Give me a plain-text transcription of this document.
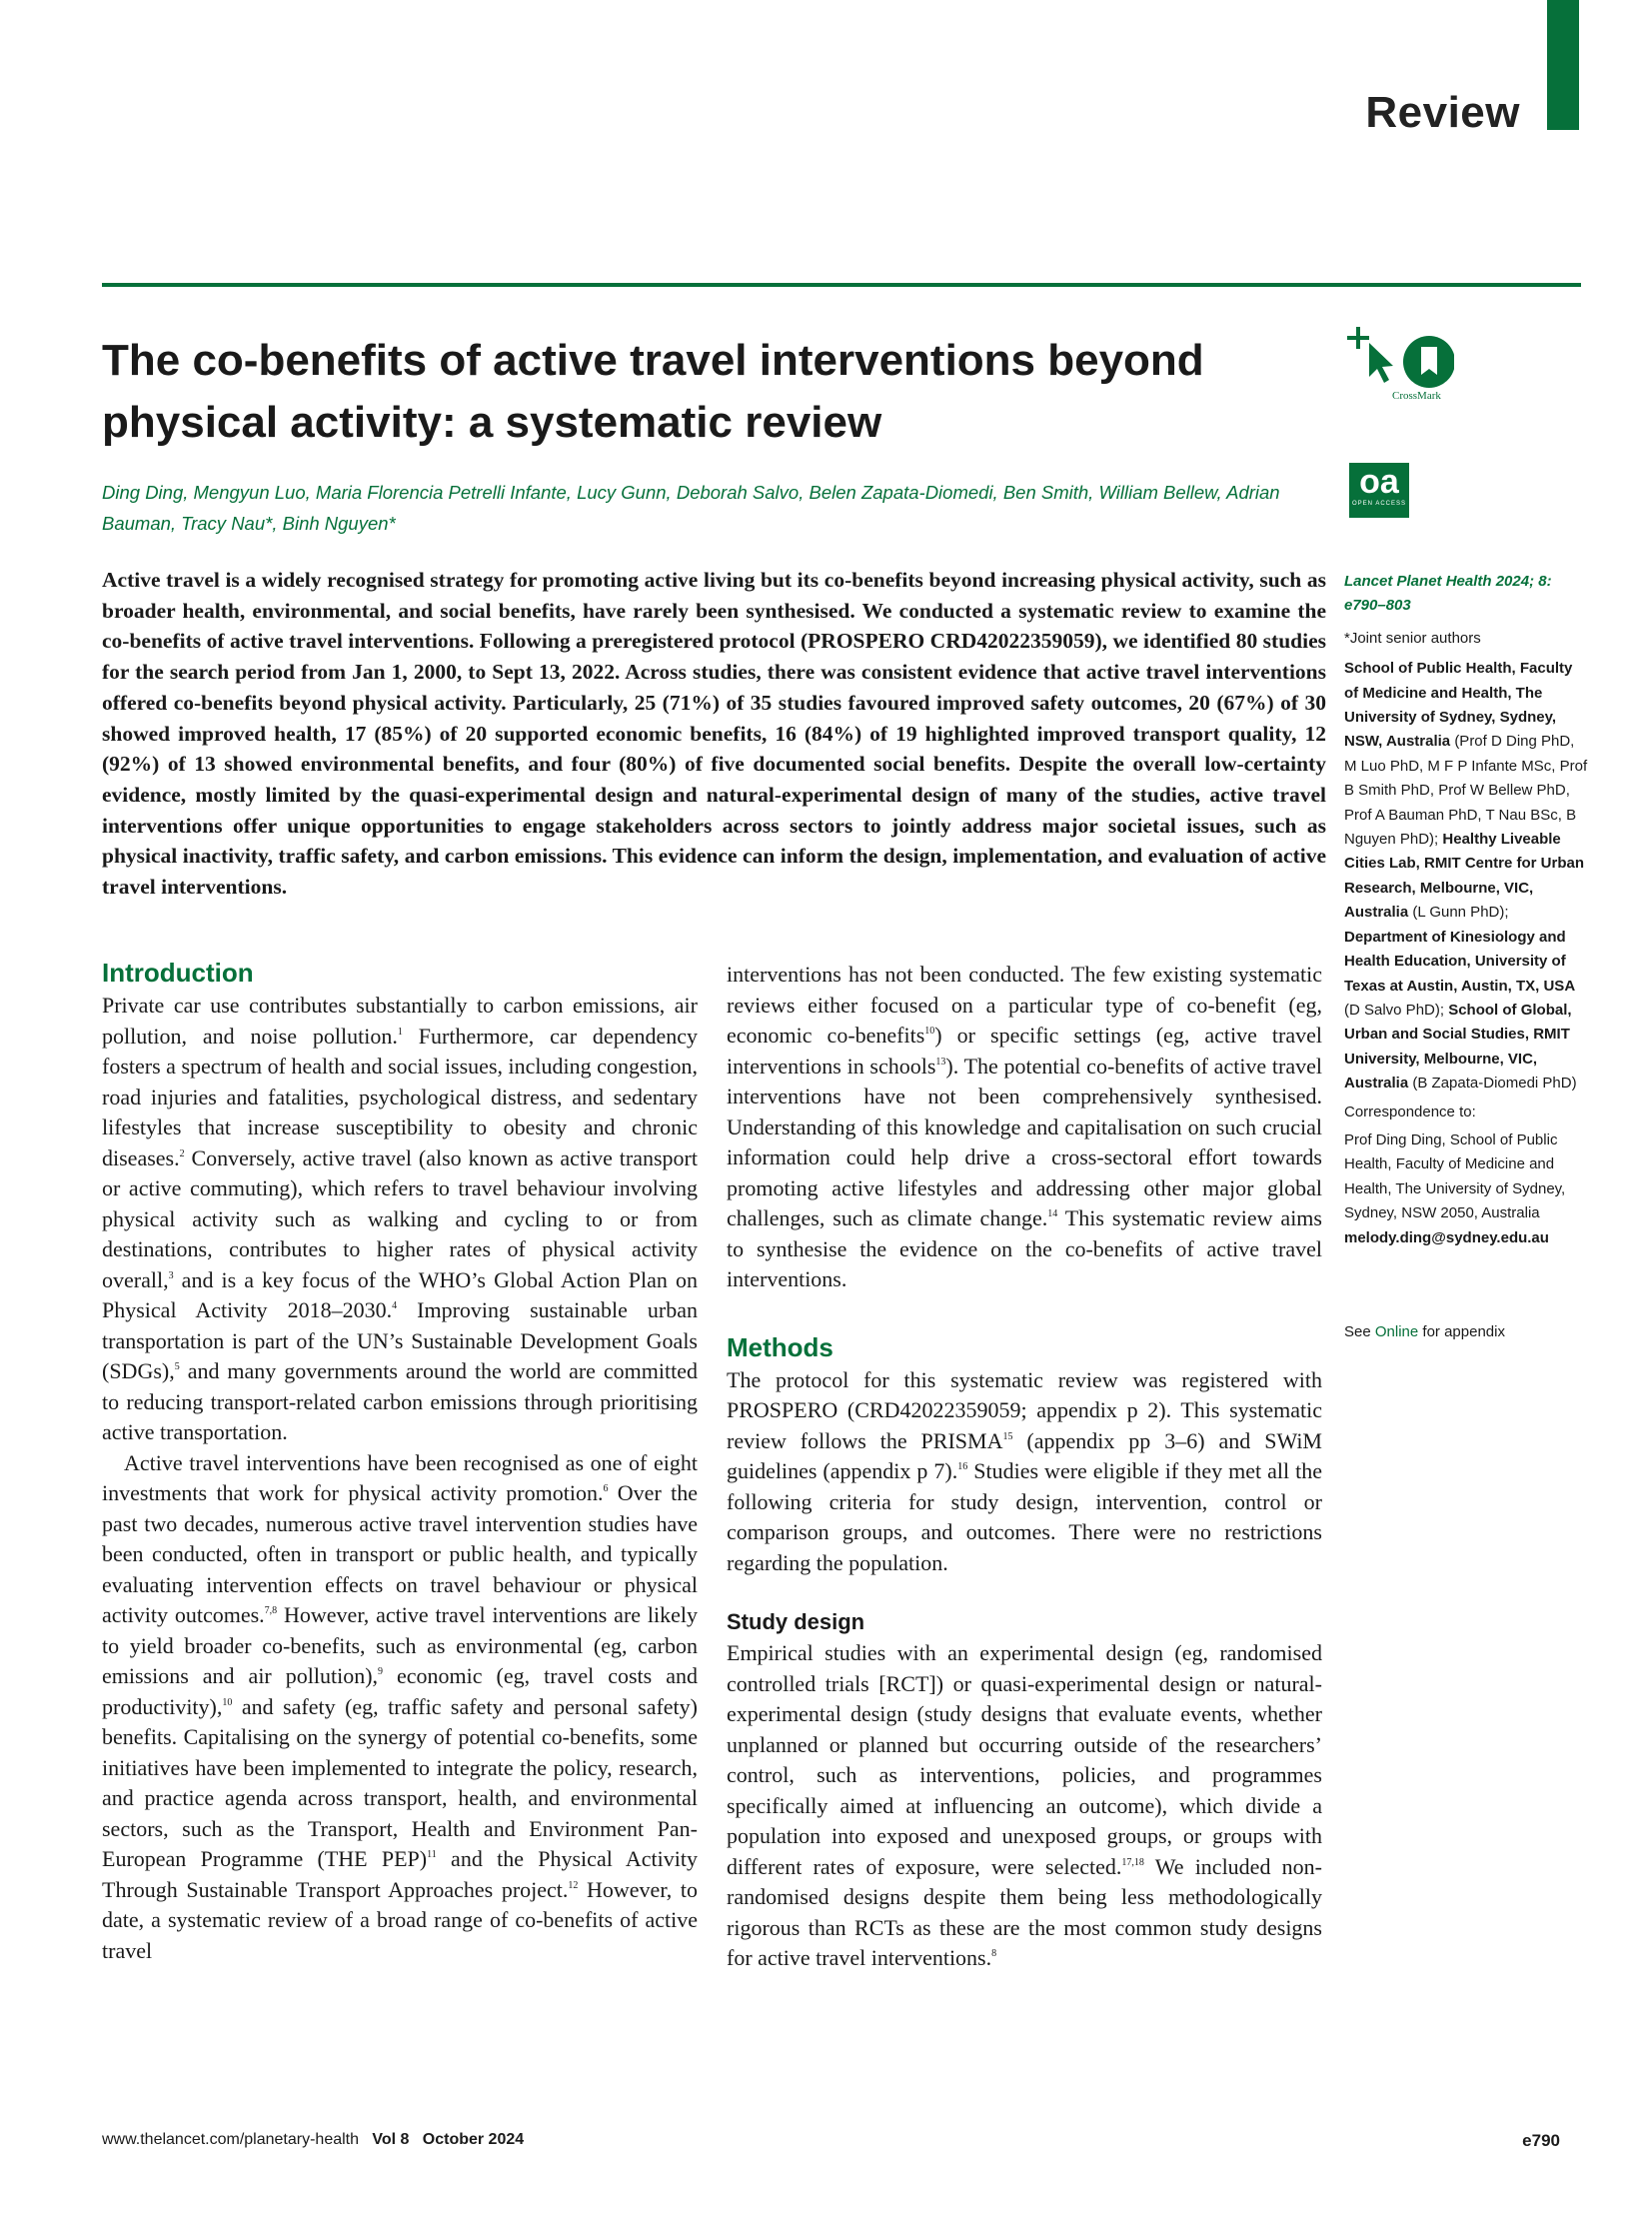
Review
The co-benefits of active travel interventions beyond physical activity: a systematic review
Ding Ding, Mengyun Luo, Maria Florencia Petrelli Infante, Lucy Gunn, Deborah Salvo, Belen Zapata-Diomedi, Ben Smith, William Bellew, Adrian Bauman, Tracy Nau*, Binh Nguyen*
CrossMark
oa
OPEN ACCESS

Active travel is a widely recognised strategy for promoting active living but its co-benefits beyond increasing physical activity, such as broader health, environmental, and social benefits, have rarely been synthesised. We conducted a systematic review to examine the co-benefits of active travel interventions. Following a preregistered protocol (PROSPERO CRD42022359059), we identified 80 studies for the search period from Jan 1, 2000, to Sept 13, 2022. Across studies, there was consistent evidence that active travel interventions offered co-benefits beyond physical activity. Particularly, 25 (71%) of 35 studies favoured improved safety outcomes, 20 (67%) of 30 showed improved health, 17 (85%) of 20 supported economic benefits, 16 (84%) of 19 highlighted improved transport quality, 12 (92%) of 13 showed environmental benefits, and four (80%) of five documented social benefits. Despite the overall low-certainty evidence, mostly limited by the quasi-experimental design and natural-experimental design of many of the studies, active travel interventions offer unique opportunities to engage stakeholders across sectors to jointly address major societal issues, such as physical inactivity, traffic safety, and carbon emissions. This evidence can inform the design, implementation, and evaluation of active travel interventions.

Introduction

Private car use contributes substantially to carbon emissions, air pollution, and noise pollution.$^1$ Furthermore, car dependency fosters a spectrum of health and social issues, including congestion, road injuries and fatalities, psychological distress, and sedentary lifestyles that increase susceptibility to obesity and chronic diseases.$^2$ Conversely, active travel (also known as active transport or active commuting), which refers to travel behaviour involving physical activity such as walking and cycling to or from destinations, contributes to higher rates of physical activity overall,$^3$ and is a key focus of the WHO’s Global Action Plan on Physical Activity 2018–2030.$^4$ Improving sustainable urban transportation is part of the UN’s Sustainable Development Goals (SDGs),$^5$ and many governments around the world are committed to reducing transport-related carbon emissions through prioritising active transportation.

Active travel interventions have been recognised as one of eight investments that work for physical activity promotion.$^6$ Over the past two decades, numerous active travel intervention studies have been conducted, often in transport or public health, and typically evaluating intervention effects on travel behaviour or physical activity outcomes.$^{7,8}$ However, active travel interventions are likely to yield broader co-benefits, such as environmental (eg, carbon emissions and air pollution),$^9$ economic (eg, travel costs and productivity),$^{10}$ and safety (eg, traffic safety and personal safety) benefits. Capitalising on the synergy of potential co-benefits, some initiatives have been implemented to integrate the policy, research, and practice agenda across transport, health, and environmental sectors, such as the Transport, Health and Environment Pan-European Programme (THE PEP)$^{11}$ and the Physical Activity Through Sustainable Transport Approaches project.$^{12}$ However, to date, a systematic review of a broad range of co-benefits of active travel

interventions has not been conducted. The few existing systematic reviews either focused on a particular type of co-benefit (eg, economic co-benefits$^{10}$) or specific settings (eg, active travel interventions in schools$^{13}$). The potential co-benefits of active travel interventions have not been comprehensively synthesised. Understanding of this knowledge and capitalisation on such crucial information could help drive a cross-sectoral effort towards promoting active lifestyles and addressing other major global challenges, such as climate change.$^{14}$ This systematic review aims to synthesise the evidence on the co-benefits of active travel interventions.

Methods

The protocol for this systematic review was registered with PROSPERO (CRD42022359059; appendix p 2). This systematic review follows the PRISMA$^{15}$ (appendix pp 3–6) and SWiM guidelines (appendix p 7).$^{16}$ Studies were eligible if they met all the following criteria for study design, intervention, control or comparison groups, and outcomes. There were no restrictions regarding the population.

Study design

Empirical studies with an experimental design (eg, randomised controlled trials [RCT]) or quasi-experimental design or natural-experimental design (study designs that evaluate events, whether unplanned or planned but occurring outside of the researchers’ control, such as interventions, policies, and programmes specifically aimed at influencing an outcome), which divide a population into exposed and unexposed groups, or groups with different rates of exposure, were selected.$^{17,18}$ We included non-randomised designs despite them being less methodologically rigorous than RCTs as these are the most common study designs for active travel interventions.$^8$

Lancet Planet Health 2024; 8: e790–803
*Joint senior authors
School of Public Health, Faculty of Medicine and Health, The University of Sydney, Sydney, NSW, Australia (Prof D Ding PhD, M Luo PhD, M F P Infante MSc, Prof B Smith PhD, Prof W Bellew PhD, Prof A Bauman PhD, T Nau BSc, B Nguyen PhD); Healthy Liveable Cities Lab, RMIT Centre for Urban Research, Melbourne, VIC, Australia (L Gunn PhD); Department of Kinesiology and Health Education, University of Texas at Austin, Austin, TX, USA (D Salvo PhD); School of Global, Urban and Social Studies, RMIT University, Melbourne, VIC, Australia (B Zapata-Diomedi PhD)
Correspondence to:
Prof Ding Ding, School of Public Health, Faculty of Medicine and Health, The University of Sydney, Sydney, NSW 2050, Australia
melody.ding@sydney.edu.au
See Online for appendix
www.thelancet.com/planetary-health Vol 8 October 2024	e790
